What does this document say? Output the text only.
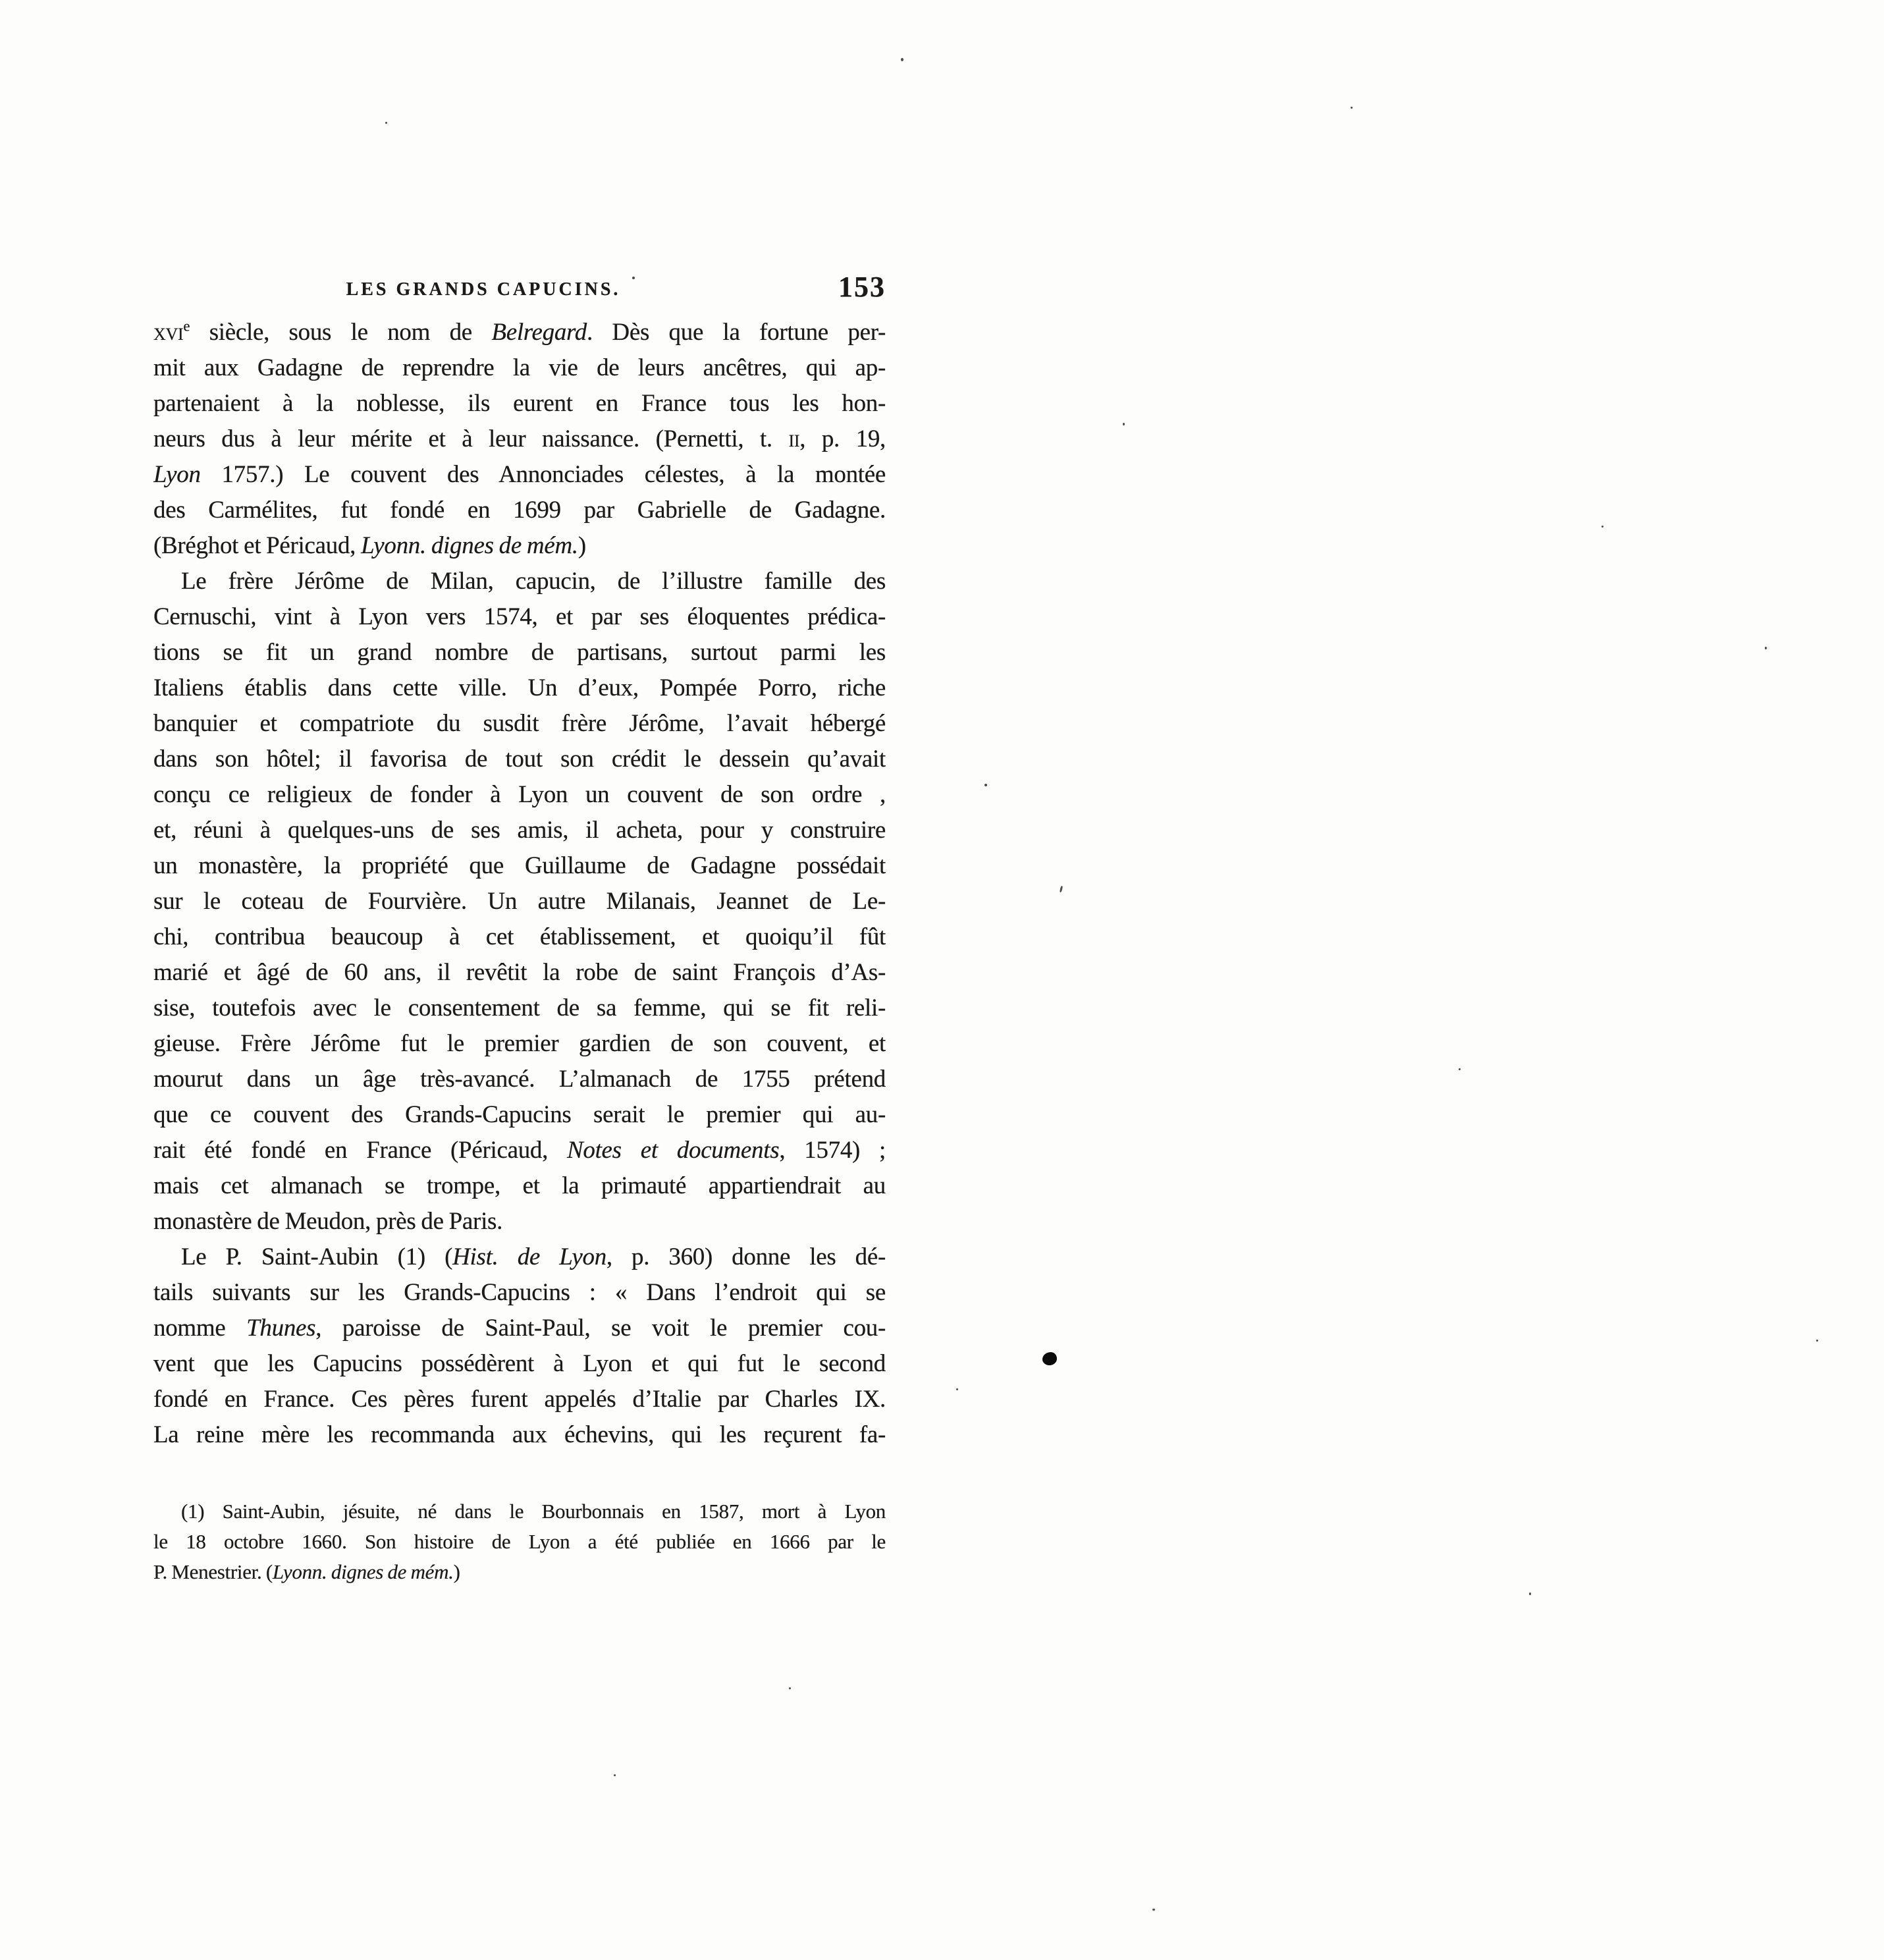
LES GRANDS CAPUCINS.	153
xvi$^e$ siècle, sous le nom de Belregard. Dès que la fortune per-
mit aux Gadagne de reprendre la vie de leurs ancêtres, qui ap-
partenaient à la noblesse, ils eurent en France tous les hon-
neurs dus à leur mérite et à leur naissance. (Pernetti, t. ii, p. 19,
Lyon 1757.) Le couvent des Annonciades célestes, à la montée
des Carmélites, fut fondé en 1699 par Gabrielle de Gadagne.
(Bréghot et Péricaud, Lyonn. dignes de mém.)
Le frère Jérôme de Milan, capucin, de l’illustre famille des
Cernuschi, vint à Lyon vers 1574, et par ses éloquentes prédica-
tions se fit un grand nombre de partisans, surtout parmi les
Italiens établis dans cette ville. Un d’eux, Pompée Porro, riche
banquier et compatriote du susdit frère Jérôme, l’avait hébergé
dans son hôtel; il favorisa de tout son crédit le dessein qu’avait
conçu ce religieux de fonder à Lyon un couvent de son ordre ,
et, réuni à quelques-uns de ses amis, il acheta, pour y construire
un monastère, la propriété que Guillaume de Gadagne possédait
sur le coteau de Fourvière. Un autre Milanais, Jeannet de Le-
chi, contribua beaucoup à cet établissement, et quoiqu’il fût
marié et âgé de 60 ans, il revêtit la robe de saint François d’As-
sise, toutefois avec le consentement de sa femme, qui se fit reli-
gieuse. Frère Jérôme fut le premier gardien de son couvent, et
mourut dans un âge très-avancé. L’almanach de 1755 prétend
que ce couvent des Grands-Capucins serait le premier qui au-
rait été fondé en France (Péricaud, Notes et documents, 1574) ;
mais cet almanach se trompe, et la primauté appartiendrait au
monastère de Meudon, près de Paris.
Le P. Saint-Aubin (1) (Hist. de Lyon, p. 360) donne les dé-
tails suivants sur les Grands-Capucins : « Dans l’endroit qui se
nomme Thunes, paroisse de Saint-Paul, se voit le premier cou-
vent que les Capucins possédèrent à Lyon et qui fut le second
fondé en France. Ces pères furent appelés d’Italie par Charles IX.
La reine mère les recommanda aux échevins, qui les reçurent fa-
(1) Saint-Aubin, jésuite, né dans le Bourbonnais en 1587, mort à Lyon
le 18 octobre 1660. Son histoire de Lyon a été publiée en 1666 par le
P. Menestrier. (Lyonn. dignes de mém.)
